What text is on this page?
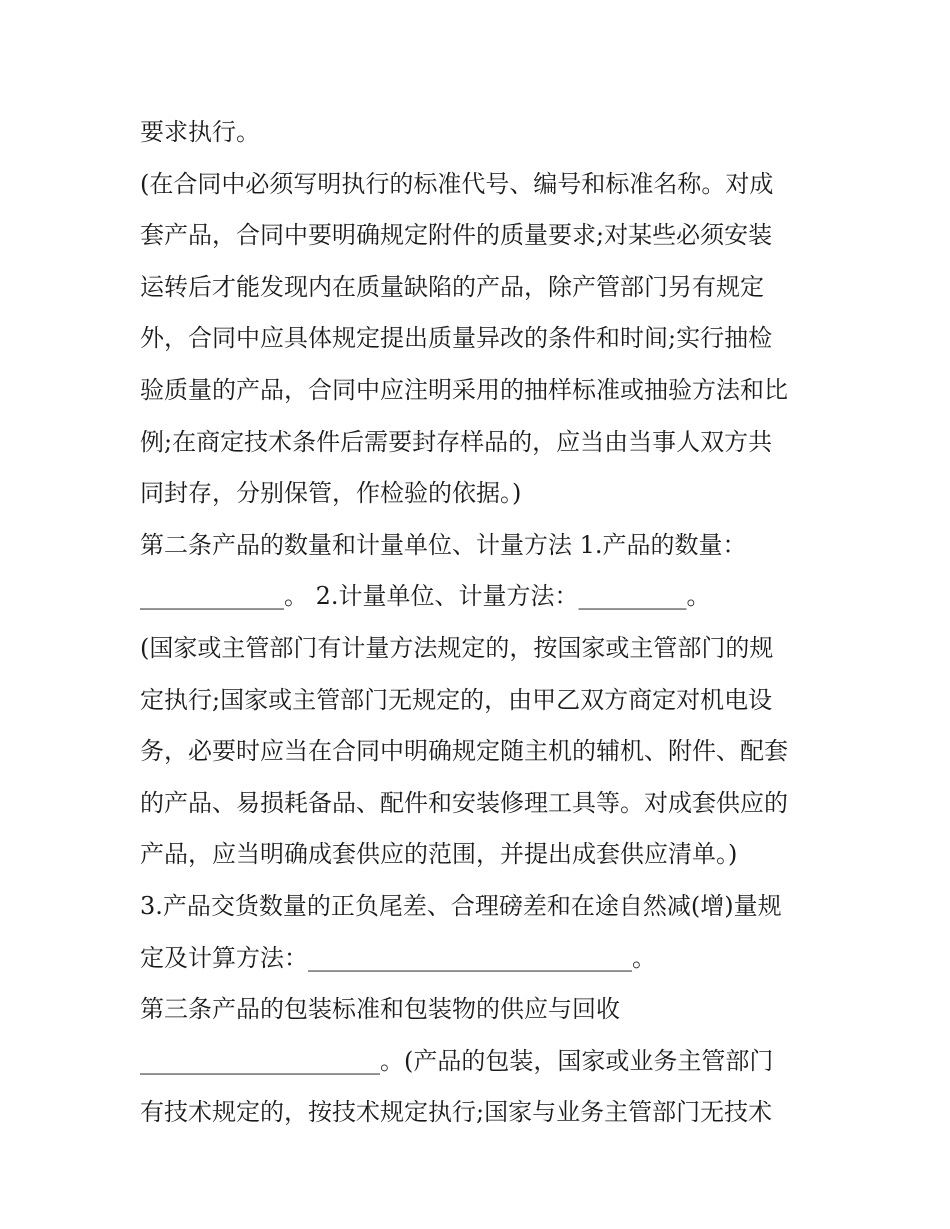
要求执行。
(在合同中必须写明执行的标准代号、编号和标准名称。对成
套产品，合同中要明确规定附件的质量要求;对某些必须安装
运转后才能发现内在质量缺陷的产品，除产管部门另有规定
外，合同中应具体规定提出质量异改的条件和时间;实行抽检
验质量的产品，合同中应注明采用的抽样标准或抽验方法和比
例;在商定技术条件后需要封存样品的，应当由当事人双方共
同封存，分别保管，作检验的依据。)
第二条产品的数量和计量单位、计量方法 1.产品的数量：
____________。 2.计量单位、计量方法：_________。
(国家或主管部门有计量方法规定的，按国家或主管部门的规
定执行;国家或主管部门无规定的，由甲乙双方商定对机电设
务，必要时应当在合同中明确规定随主机的辅机、附件、配套
的产品、易损耗备品、配件和安装修理工具等。对成套供应的
产品，应当明确成套供应的范围，并提出成套供应清单。)
3.产品交货数量的正负尾差、合理磅差和在途自然减(增)量规
定及计算方法：___________________________。
第三条产品的包装标准和包装物的供应与回收
____________________。(产品的包装，国家或业务主管部门
有技术规定的，按技术规定执行;国家与业务主管部门无技术
